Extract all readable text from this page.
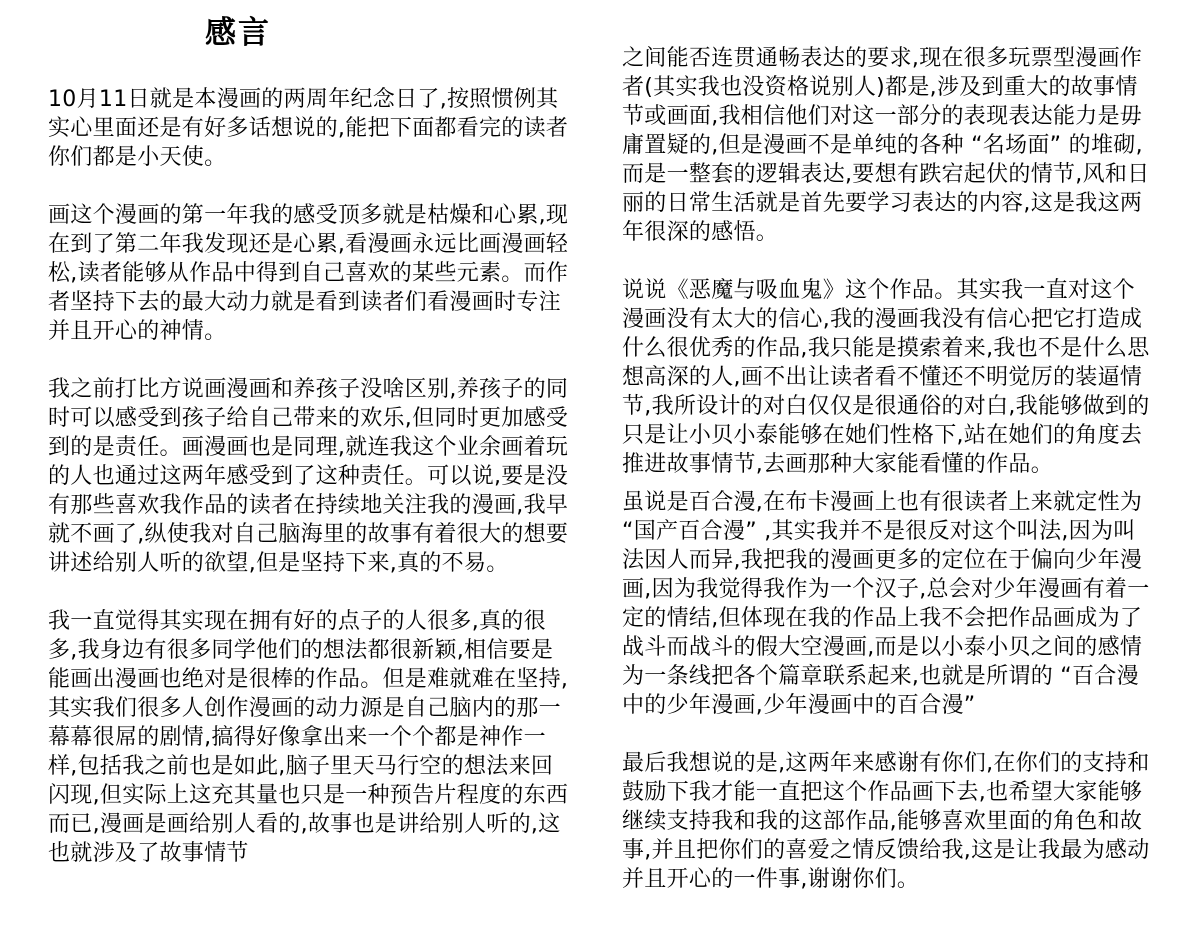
感言

10月11日就是本漫画的两周年纪念日了,按照惯例其实心里面还是有好多话想说的,能把下面都看完的读者你们都是小天使。

画这个漫画的第一年我的感受顶多就是枯燥和心累,现在到了第二年我发现还是心累,看漫画永远比画漫画轻松,读者能够从作品中得到自己喜欢的某些元素。而作者坚持下去的最大动力就是看到读者们看漫画时专注并且开心的神情。

我之前打比方说画漫画和养孩子没啥区别,养孩子的同时可以感受到孩子给自己带来的欢乐,但同时更加感受到的是责任。画漫画也是同理,就连我这个业余画着玩的人也通过这两年感受到了这种责任。可以说,要是没有那些喜欢我作品的读者在持续地关注我的漫画,我早就不画了,纵使我对自己脑海里的故事有着很大的想要讲述给别人听的欲望,但是坚持下来,真的不易。

我一直觉得其实现在拥有好的点子的人很多,真的很多,我身边有很多同学他们的想法都很新颖,相信要是能画出漫画也绝对是很棒的作品。但是难就难在坚持,其实我们很多人创作漫画的动力源是自己脑内的那一幕幕很屌的剧情,搞得好像拿出来一个个都是神作一样,包括我之前也是如此,脑子里天马行空的想法来回闪现,但实际上这充其量也只是一种预告片程度的东西而已,漫画是画给别人看的,故事也是讲给别人听的,这也就涉及了故事情节

之间能否连贯通畅表达的要求,现在很多玩票型漫画作者(其实我也没资格说别人)都是,涉及到重大的故事情节或画面,我相信他们对这一部分的表现表达能力是毋庸置疑的,但是漫画不是单纯的各种 “名场面” 的堆砌,而是一整套的逻辑表达,要想有跌宕起伏的情节,风和日丽的日常生活就是首先要学习表达的内容,这是我这两年很深的感悟。

说说《恶魔与吸血鬼》这个作品。其实我一直对这个漫画没有太大的信心,我的漫画我没有信心把它打造成什么很优秀的作品,我只能是摸索着来,我也不是什么思想高深的人,画不出让读者看不懂还不明觉厉的装逼情节,我所设计的对白仅仅是很通俗的对白,我能够做到的只是让小贝小泰能够在她们性格下,站在她们的角度去推进故事情节,去画那种大家能看懂的作品。

虽说是百合漫,在布卡漫画上也有很读者上来就定性为 “国产百合漫” ,其实我并不是很反对这个叫法,因为叫法因人而异,我把我的漫画更多的定位在于偏向少年漫画,因为我觉得我作为一个汉子,总会对少年漫画有着一定的情结,但体现在我的作品上我不会把作品画成为了战斗而战斗的假大空漫画,而是以小泰小贝之间的感情为一条线把各个篇章联系起来,也就是所谓的 “百合漫中的少年漫画,少年漫画中的百合漫”

最后我想说的是,这两年来感谢有你们,在你们的支持和鼓励下我才能一直把这个作品画下去,也希望大家能够继续支持我和我的这部作品,能够喜欢里面的角色和故事,并且把你们的喜爱之情反馈给我,这是让我最为感动并且开心的一件事,谢谢你们。
